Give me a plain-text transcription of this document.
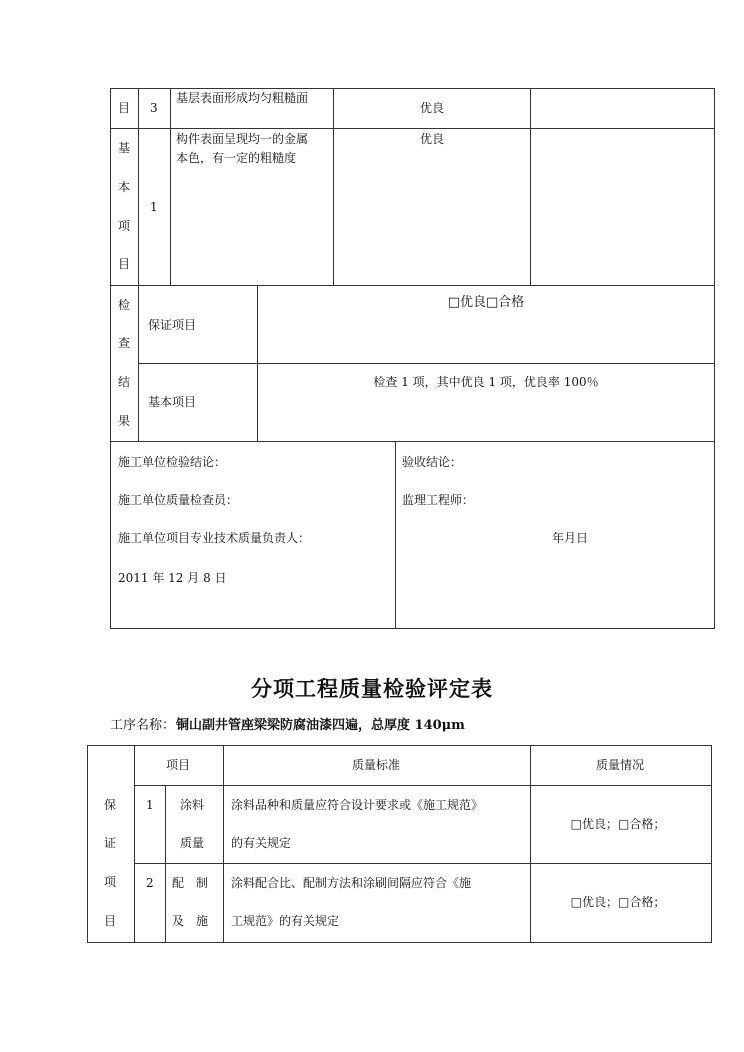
目 3
基层表面形成均匀粗糙面
优良
基
本
项
目
1
构件表面呈现均一的金属
本色，有一定的粗糙度
优良
检
查
结
果
保证项目
□优良□合格
基本项目
检查 1 项，其中优良 1 项，优良率 100％
施工单位检验结论：
施工单位质量检查员：
施工单位项目专业技术质量负责人：
2011 年 12 月 8 日
验收结论：
监理工程师：
年月日
分项工程质量检验评定表
工序名称： 铜山副井管座梁梁防腐油漆四遍，总厚度 140μm
项目	质量标准	质量情况
保
证
项
目
1 涂料
质量
涂料品种和质量应符合设计要求或《施工规范》
的有关规定
□优良；□合格；
2 配　制
及　施
涂料配合比、配制方法和涂刷间隔应符合《施
工规范》的有关规定
□优良；□合格；
